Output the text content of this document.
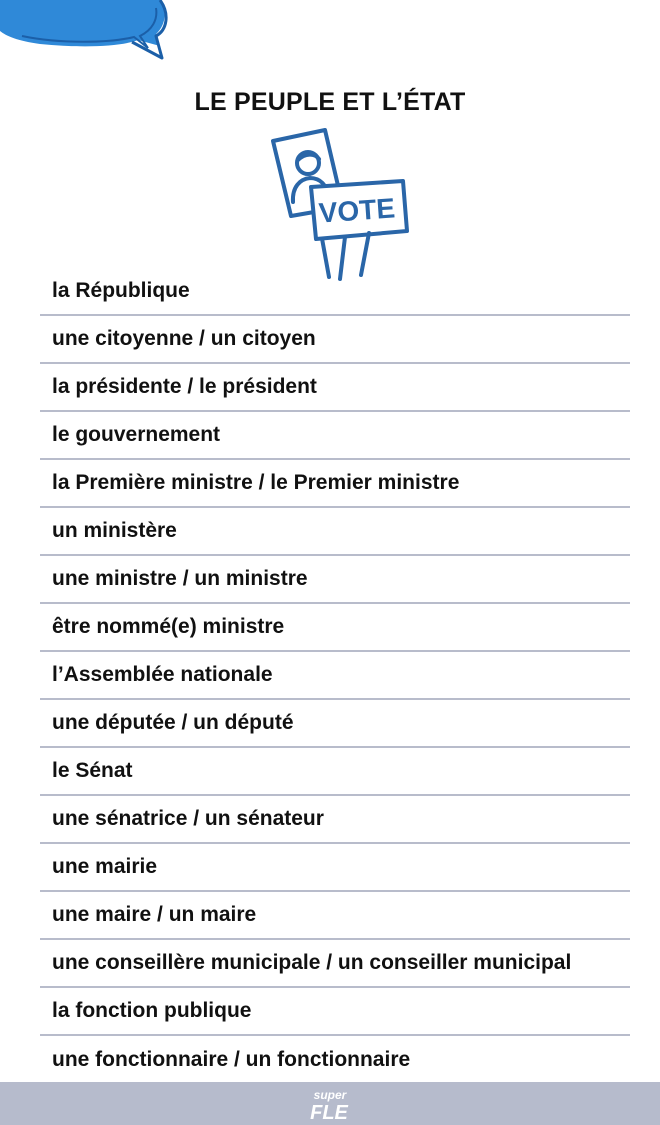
LE PEUPLE ET L’ÉTAT
VOTE
la République
une citoyenne / un citoyen
la présidente / le président
le gouvernement
la Première ministre / le Premier ministre
un ministère
une ministre / un ministre
être nommé(e) ministre
l’Assemblée nationale
une députée / un député
le Sénat
une sénatrice / un sénateur
une mairie
une maire / un maire
une conseillère municipale / un conseiller municipal
la fonction publique
une fonctionnaire / un fonctionnaire
super
FLE
